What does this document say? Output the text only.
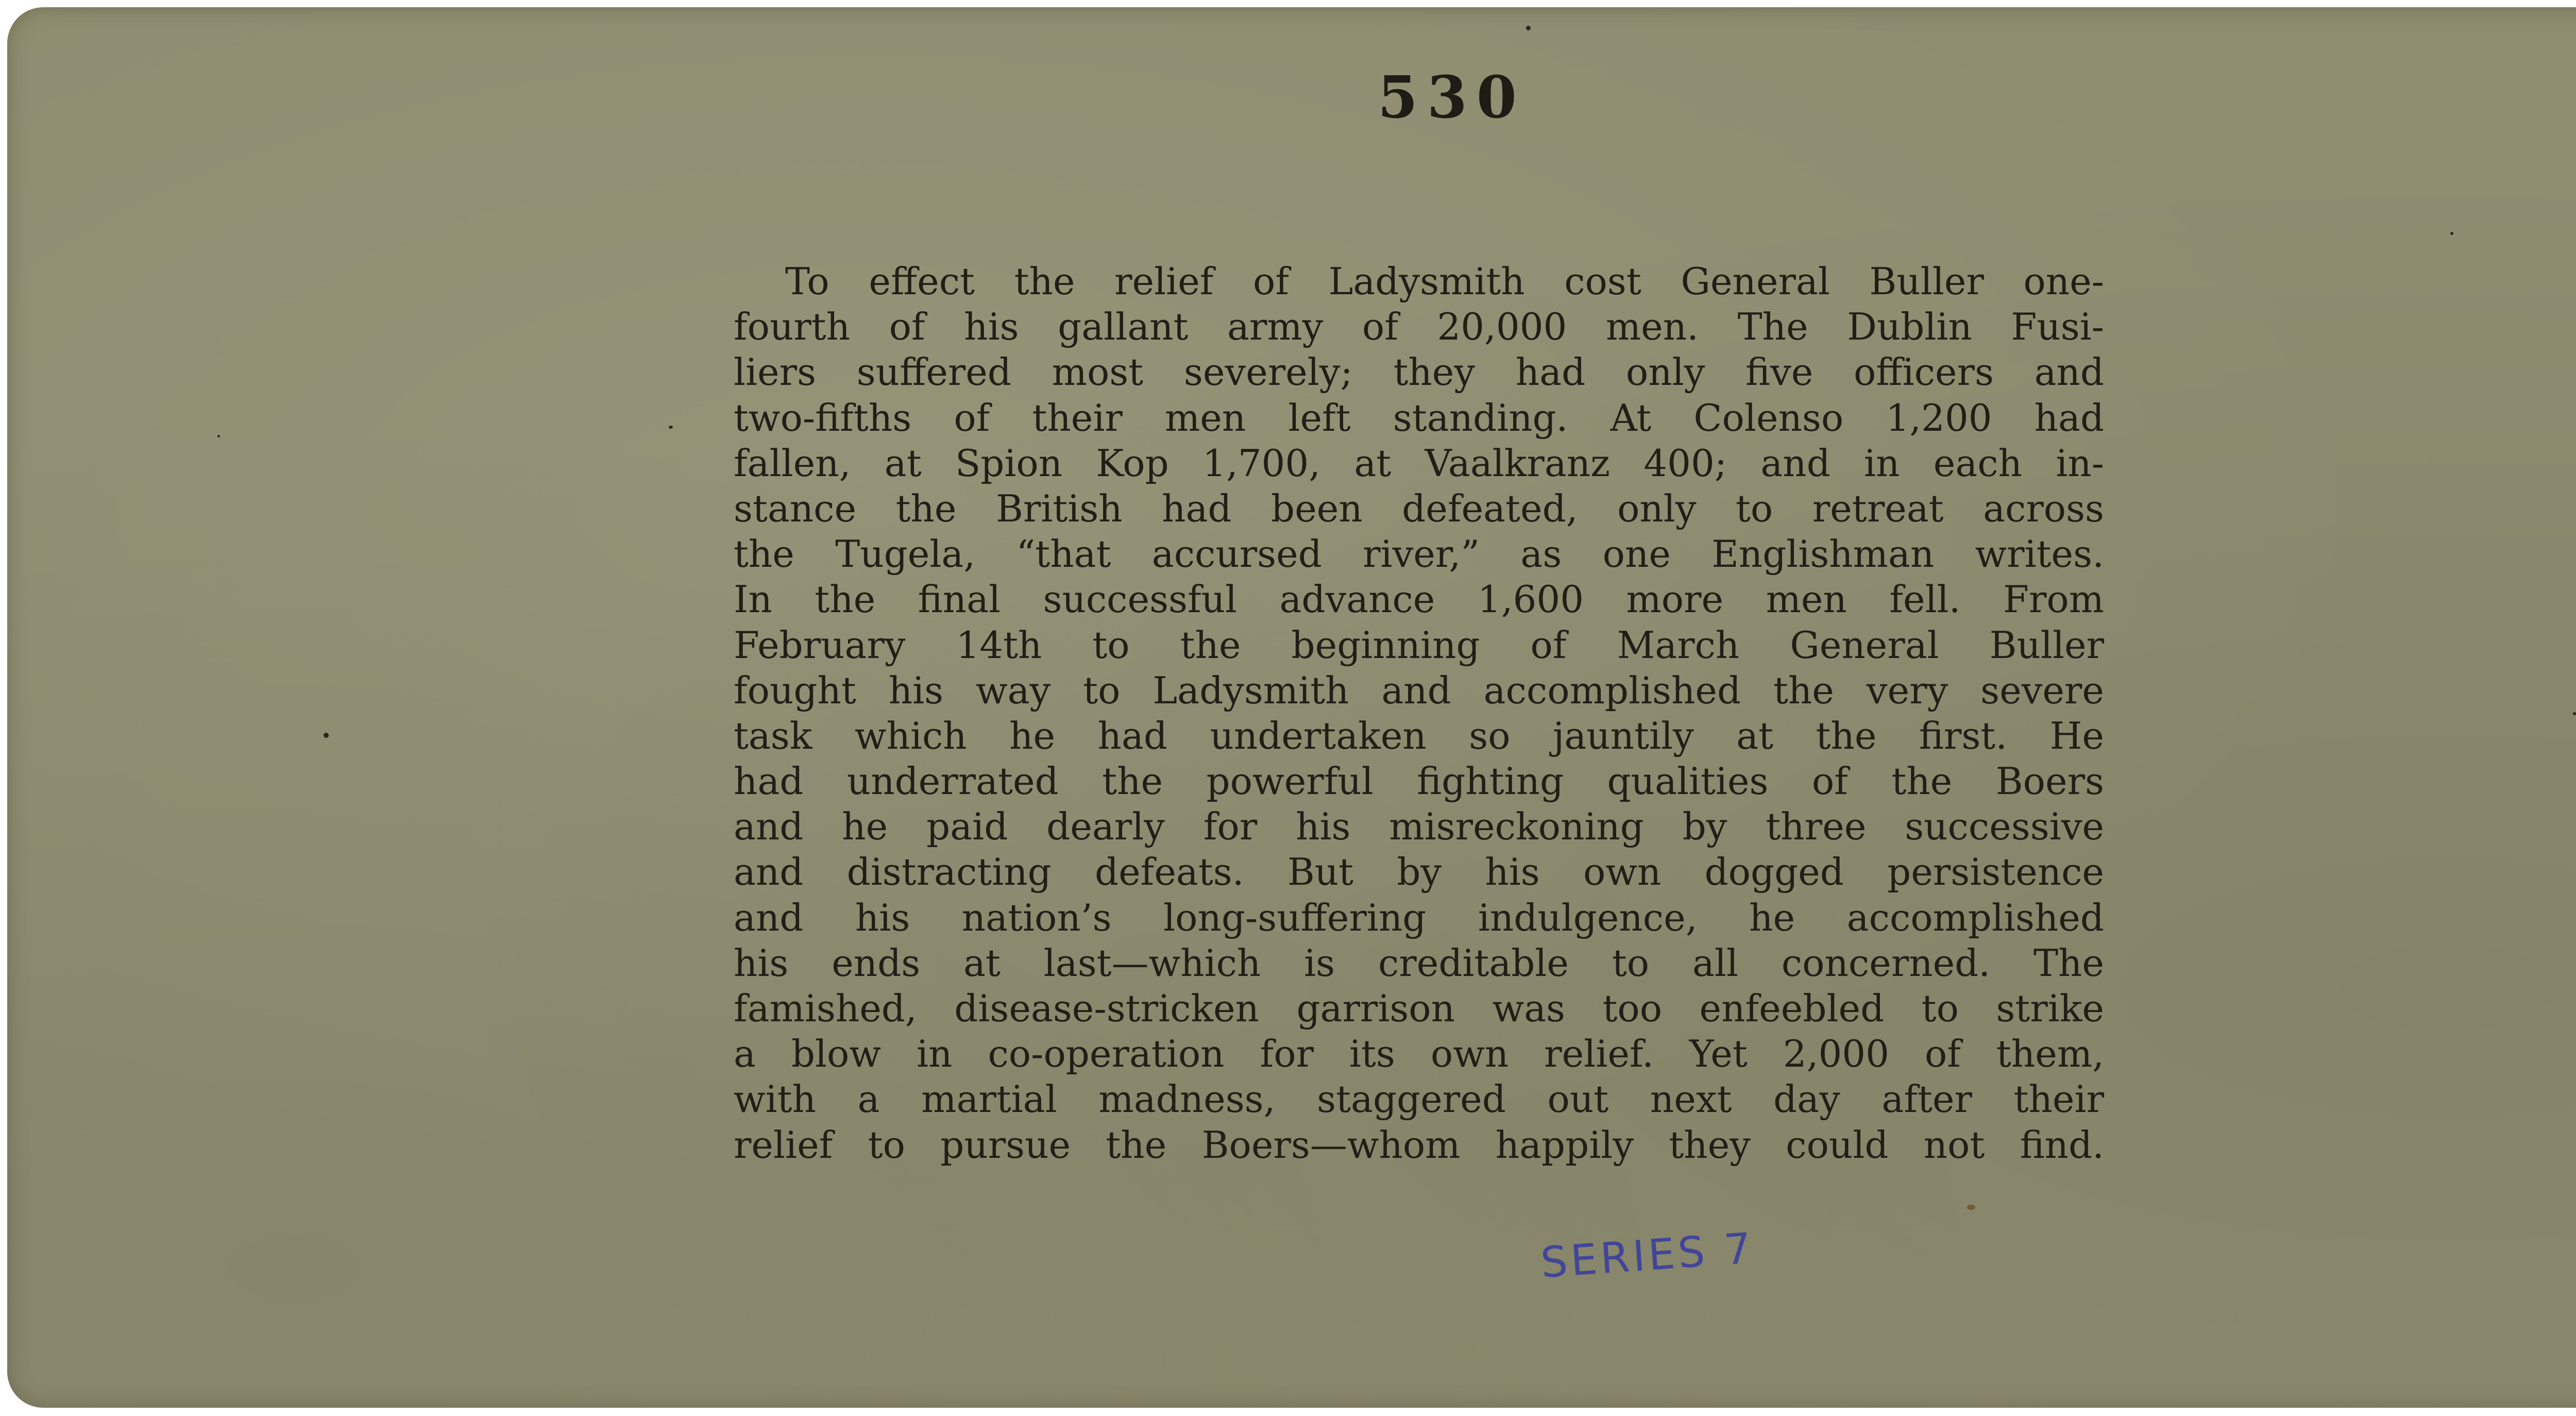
530

To effect the relief of Ladysmith cost General Buller one-
fourth of his gallant army of 20,000 men. The Dublin Fusi-
liers suffered most severely; they had only five officers and
two-fifths of their men left standing. At Colenso 1,200 had
fallen, at Spion Kop 1,700, at Vaalkranz 400; and in each in-
stance the British had been defeated, only to retreat across
the Tugela, “that accursed river,” as one Englishman writes.
In the final successful advance 1,600 more men fell. From
February 14th to the beginning of March General Buller
fought his way to Ladysmith and accomplished the very severe
task which he had undertaken so jauntily at the first. He
had underrated the powerful fighting qualities of the Boers
and he paid dearly for his misreckoning by three successive
and distracting defeats. But by his own dogged persistence
and his nation’s long-suffering indulgence, he accomplished
his ends at last—which is creditable to all concerned. The
famished, disease-stricken garrison was too enfeebled to strike
a blow in co-operation for its own relief. Yet 2,000 of them,
with a martial madness, staggered out next day after their
relief to pursue the Boers—whom happily they could not find.

SERIES 7
